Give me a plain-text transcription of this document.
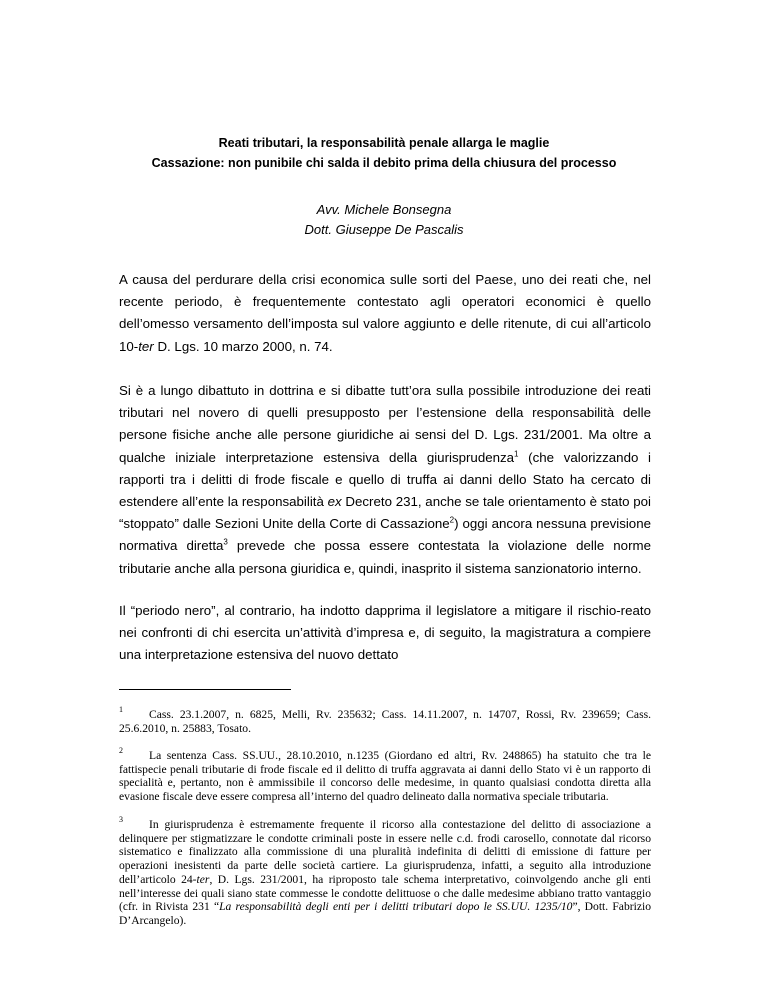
Reati tributari, la responsabilità penale allarga le maglie
Cassazione: non punibile chi salda il debito prima della chiusura del processo
Avv. Michele Bonsegna
Dott. Giuseppe De Pascalis

A causa del perdurare della crisi economica sulle sorti del Paese, uno dei reati che, nel recente periodo, è frequentemente contestato agli operatori economici è quello dell’omesso versamento dell’imposta sul valore aggiunto e delle ritenute, di cui all’articolo 10-ter D. Lgs. 10 marzo 2000, n. 74.

Si è a lungo dibattuto in dottrina e si dibatte tutt’ora sulla possibile introduzione dei reati tributari nel novero di quelli presupposto per l’estensione della responsabilità delle persone fisiche anche alle persone giuridiche ai sensi del D. Lgs. 231/2001. Ma oltre a qualche iniziale interpretazione estensiva della giurisprudenza$^1$ (che valorizzando i rapporti tra i delitti di frode fiscale e quello di truffa ai danni dello Stato ha cercato di estendere all’ente la responsabilità ex Decreto 231, anche se tale orientamento è stato poi “stoppato” dalle Sezioni Unite della Corte di Cassazione$^2$) oggi ancora nessuna previsione normativa diretta$^3$ prevede che possa essere contestata la violazione delle norme tributarie anche alla persona giuridica e, quindi, inasprito il sistema sanzionatorio interno.

Il “periodo nero”, al contrario, ha indotto dapprima il legislatore a mitigare il rischio-reato nei confronti di chi esercita un’attività d’impresa e, di seguito, la magistratura a compiere una interpretazione estensiva del nuovo dettato

1	Cass. 23.1.2007, n. 6825, Melli, Rv. 235632; Cass. 14.11.2007, n. 14707, Rossi, Rv. 239659; Cass. 25.6.2010, n. 25883, Tosato.
2	La sentenza Cass. SS.UU., 28.10.2010, n.1235 (Giordano ed altri, Rv. 248865) ha statuito che tra le fattispecie penali tributarie di frode fiscale ed il delitto di truffa aggravata ai danni dello Stato vi è un rapporto di specialità e, pertanto, non è ammissibile il concorso delle medesime, in quanto qualsiasi condotta diretta alla evasione fiscale deve essere compresa all’interno del quadro delineato dalla normativa speciale tributaria.
3	In giurisprudenza è estremamente frequente il ricorso alla contestazione del delitto di associazione a delinquere per stigmatizzare le condotte criminali poste in essere nelle c.d. frodi carosello, connotate dal ricorso sistematico e finalizzato alla commissione di una pluralità indefinita di delitti di emissione di fatture per operazioni inesistenti da parte delle società cartiere. La giurisprudenza, infatti, a seguito alla introduzione dell’articolo 24-ter, D. Lgs. 231/2001, ha riproposto tale schema interpretativo, coinvolgendo anche gli enti nell’interesse dei quali siano state commesse le condotte delittuose o che dalle medesime abbiano tratto vantaggio (cfr. in Rivista 231 “La responsabilità degli enti per i delitti tributari dopo le SS.UU. 1235/10”, Dott. Fabrizio D’Arcangelo).
